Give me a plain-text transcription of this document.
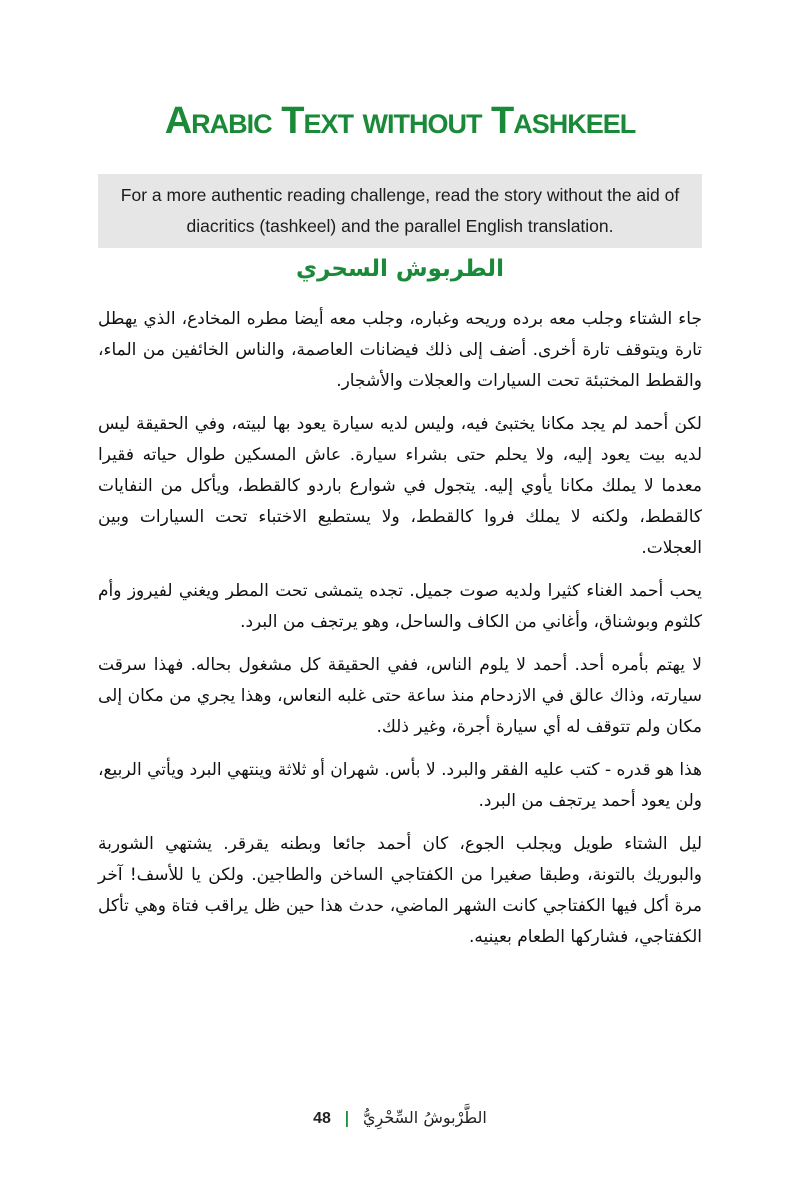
Arabic Text without Tashkeel
For a more authentic reading challenge, read the story without the aid of diacritics (tashkeel) and the parallel English translation.
الطربوش السحري

جاء الشتاء وجلب معه برده وريحه وغباره، وجلب معه أيضا مطره المخادع، الذي يهطل تارة ويتوقف تارة أخرى. أضف إلى ذلك فيضانات العاصمة، والناس الخائفين من الماء، والقطط المختبئة تحت السيارات والعجلات والأشجار.

لكن أحمد لم يجد مكانا يختبئ فيه، وليس لديه سيارة يعود بها لبيته، وفي الحقيقة ليس لديه بيت يعود إليه، ولا يحلم حتى بشراء سيارة. عاش المسكين طوال حياته فقيرا معدما لا يملك مكانا يأوي إليه. يتجول في شوارع باردو كالقطط، ويأكل من النفايات كالقطط، ولكنه لا يملك فروا كالقطط، ولا يستطيع الاختباء تحت السيارات وبين العجلات.

يحب أحمد الغناء كثيرا ولديه صوت جميل. تجده يتمشى تحت المطر ويغني لفيروز وأم كلثوم وبوشناق، وأغاني من الكاف والساحل، وهو يرتجف من البرد.

لا يهتم بأمره أحد. أحمد لا يلوم الناس، ففي الحقيقة كل مشغول بحاله. فهذا سرقت سيارته، وذاك عالق في الازدحام منذ ساعة حتى غلبه النعاس، وهذا يجري من مكان إلى مكان ولم تتوقف له أي سيارة أجرة، وغير ذلك.

هذا هو قدره - كتب عليه الفقر والبرد. لا بأس. شهران أو ثلاثة وينتهي البرد ويأتي الربيع، ولن يعود أحمد يرتجف من البرد.

ليل الشتاء طويل ويجلب الجوع، كان أحمد جائعا وبطنه يقرقر. يشتهي الشوربة والبوريك بالتونة، وطبقا صغيرا من الكفتاجي الساخن والطاجين. ولكن يا للأسف! آخر مرة أكل فيها الكفتاجي كانت الشهر الماضي، حدث هذا حين ظل يراقب فتاة وهي تأكل الكفتاجي، فشاركها الطعام بعينيه.

48 | الطَّرْبوشُ السِّحْرِيُّ
